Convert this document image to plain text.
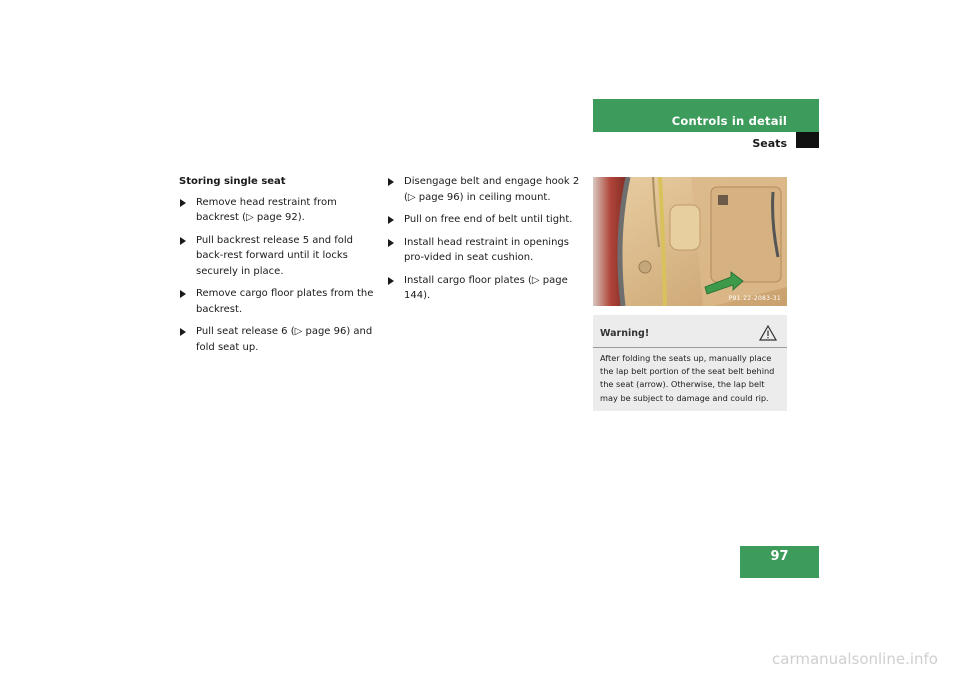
Controls in detail
Seats
Storing single seat
Remove head restraint from backrest (▷ page 92).
Pull backrest release 5 and fold back-rest forward until it locks securely in place.
Remove cargo floor plates from the backrest.
Pull seat release 6 (▷ page 96) and fold seat up.
Disengage belt and engage hook 2 (▷ page 96) in ceiling mount.
Pull on free end of belt until tight.
Install head restraint in openings pro-vided in seat cushion.
Install cargo floor plates (▷ page 144).	P91.22-2083-31
Warning!
After folding the seats up, manually place the lap belt portion of the seat belt behind the seat (arrow). Otherwise, the lap belt may be subject to damage and could rip.
97
carmanualsonline.info
